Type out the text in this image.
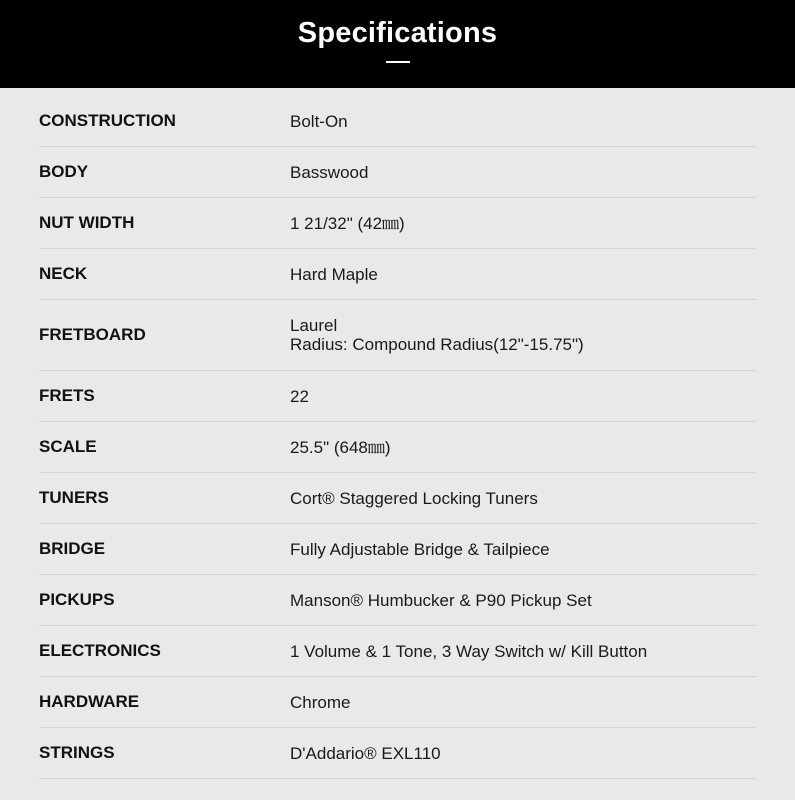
Specifications
CONSTRUCTION	Bolt-On
BODY	Basswood
NUT WIDTH	1 21/32" (42㎜)
NECK	Hard Maple
FRETBOARD	Laurel
Radius: Compound Radius(12"-15.75")
FRETS	22
SCALE	25.5" (648㎜)
TUNERS	Cort® Staggered Locking Tuners
BRIDGE	Fully Adjustable Bridge & Tailpiece
PICKUPS	Manson® Humbucker & P90 Pickup Set
ELECTRONICS	1 Volume & 1 Tone, 3 Way Switch w/ Kill Button
HARDWARE	Chrome
STRINGS	D'Addario® EXL110
